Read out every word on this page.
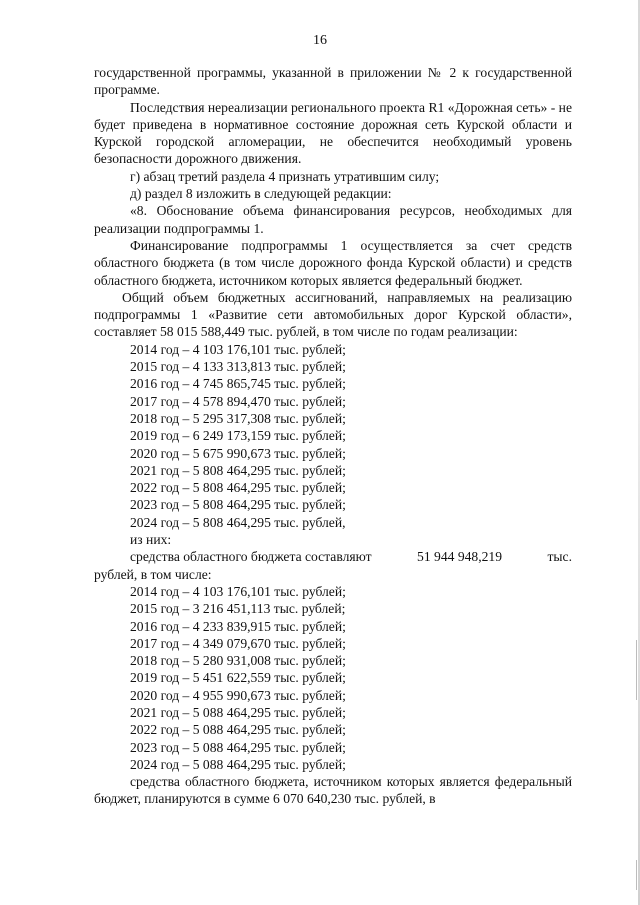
16

государственной программы, указанной в приложении № 2 к государственной программе.

Последствия нереализации регионального проекта R1 «Дорожная сеть» - не будет приведена в нормативное состояние дорожная сеть Курской области и Курской городской агломерации, не обеспечится необходимый уровень безопасности дорожного движения.

г) абзац третий раздела 4 признать утратившим силу;

д) раздел 8 изложить в следующей редакции:

«8. Обоснование объема финансирования ресурсов, необходимых для реализации подпрограммы 1.

Финансирование подпрограммы 1 осуществляется за счет средств областного бюджета (в том числе дорожного фонда Курской области) и средств областного бюджета, источником которых является федеральный бюджет.

Общий объем бюджетных ассигнований, направляемых на реализацию подпрограммы 1 «Развитие сети автомобильных дорог Курской области», составляет 58 015 588,449 тыс. рублей, в том числе по годам реализации:

2014 год – 4 103 176,101 тыс. рублей;
2015 год – 4 133 313,813 тыс. рублей;
2016 год – 4 745 865,745 тыс. рублей;
2017 год – 4 578 894,470 тыс. рублей;
2018 год – 5 295 317,308 тыс. рублей;
2019 год – 6 249 173,159 тыс. рублей;
2020 год – 5 675 990,673 тыс. рублей;
2021 год – 5 808 464,295 тыс. рублей;
2022 год – 5 808 464,295 тыс. рублей;
2023 год – 5 808 464,295 тыс. рублей;
2024 год – 5 808 464,295 тыс. рублей,
из них:
средства областного бюджета составляют	51 944 948,219	тыс.

рублей, в том числе:

2014 год – 4 103 176,101 тыс. рублей;
2015 год – 3 216 451,113 тыс. рублей;
2016 год – 4 233 839,915 тыс. рублей;
2017 год – 4 349 079,670 тыс. рублей;
2018 год – 5 280 931,008 тыс. рублей;
2019 год – 5 451 622,559 тыс. рублей;
2020 год – 4 955 990,673 тыс. рублей;
2021 год – 5 088 464,295 тыс. рублей;
2022 год – 5 088 464,295 тыс. рублей;
2023 год – 5 088 464,295 тыс. рублей;
2024 год – 5 088 464,295 тыс. рублей;

средства областного бюджета, источником которых является федеральный бюджет, планируются в сумме 6 070 640,230 тыс. рублей, в
